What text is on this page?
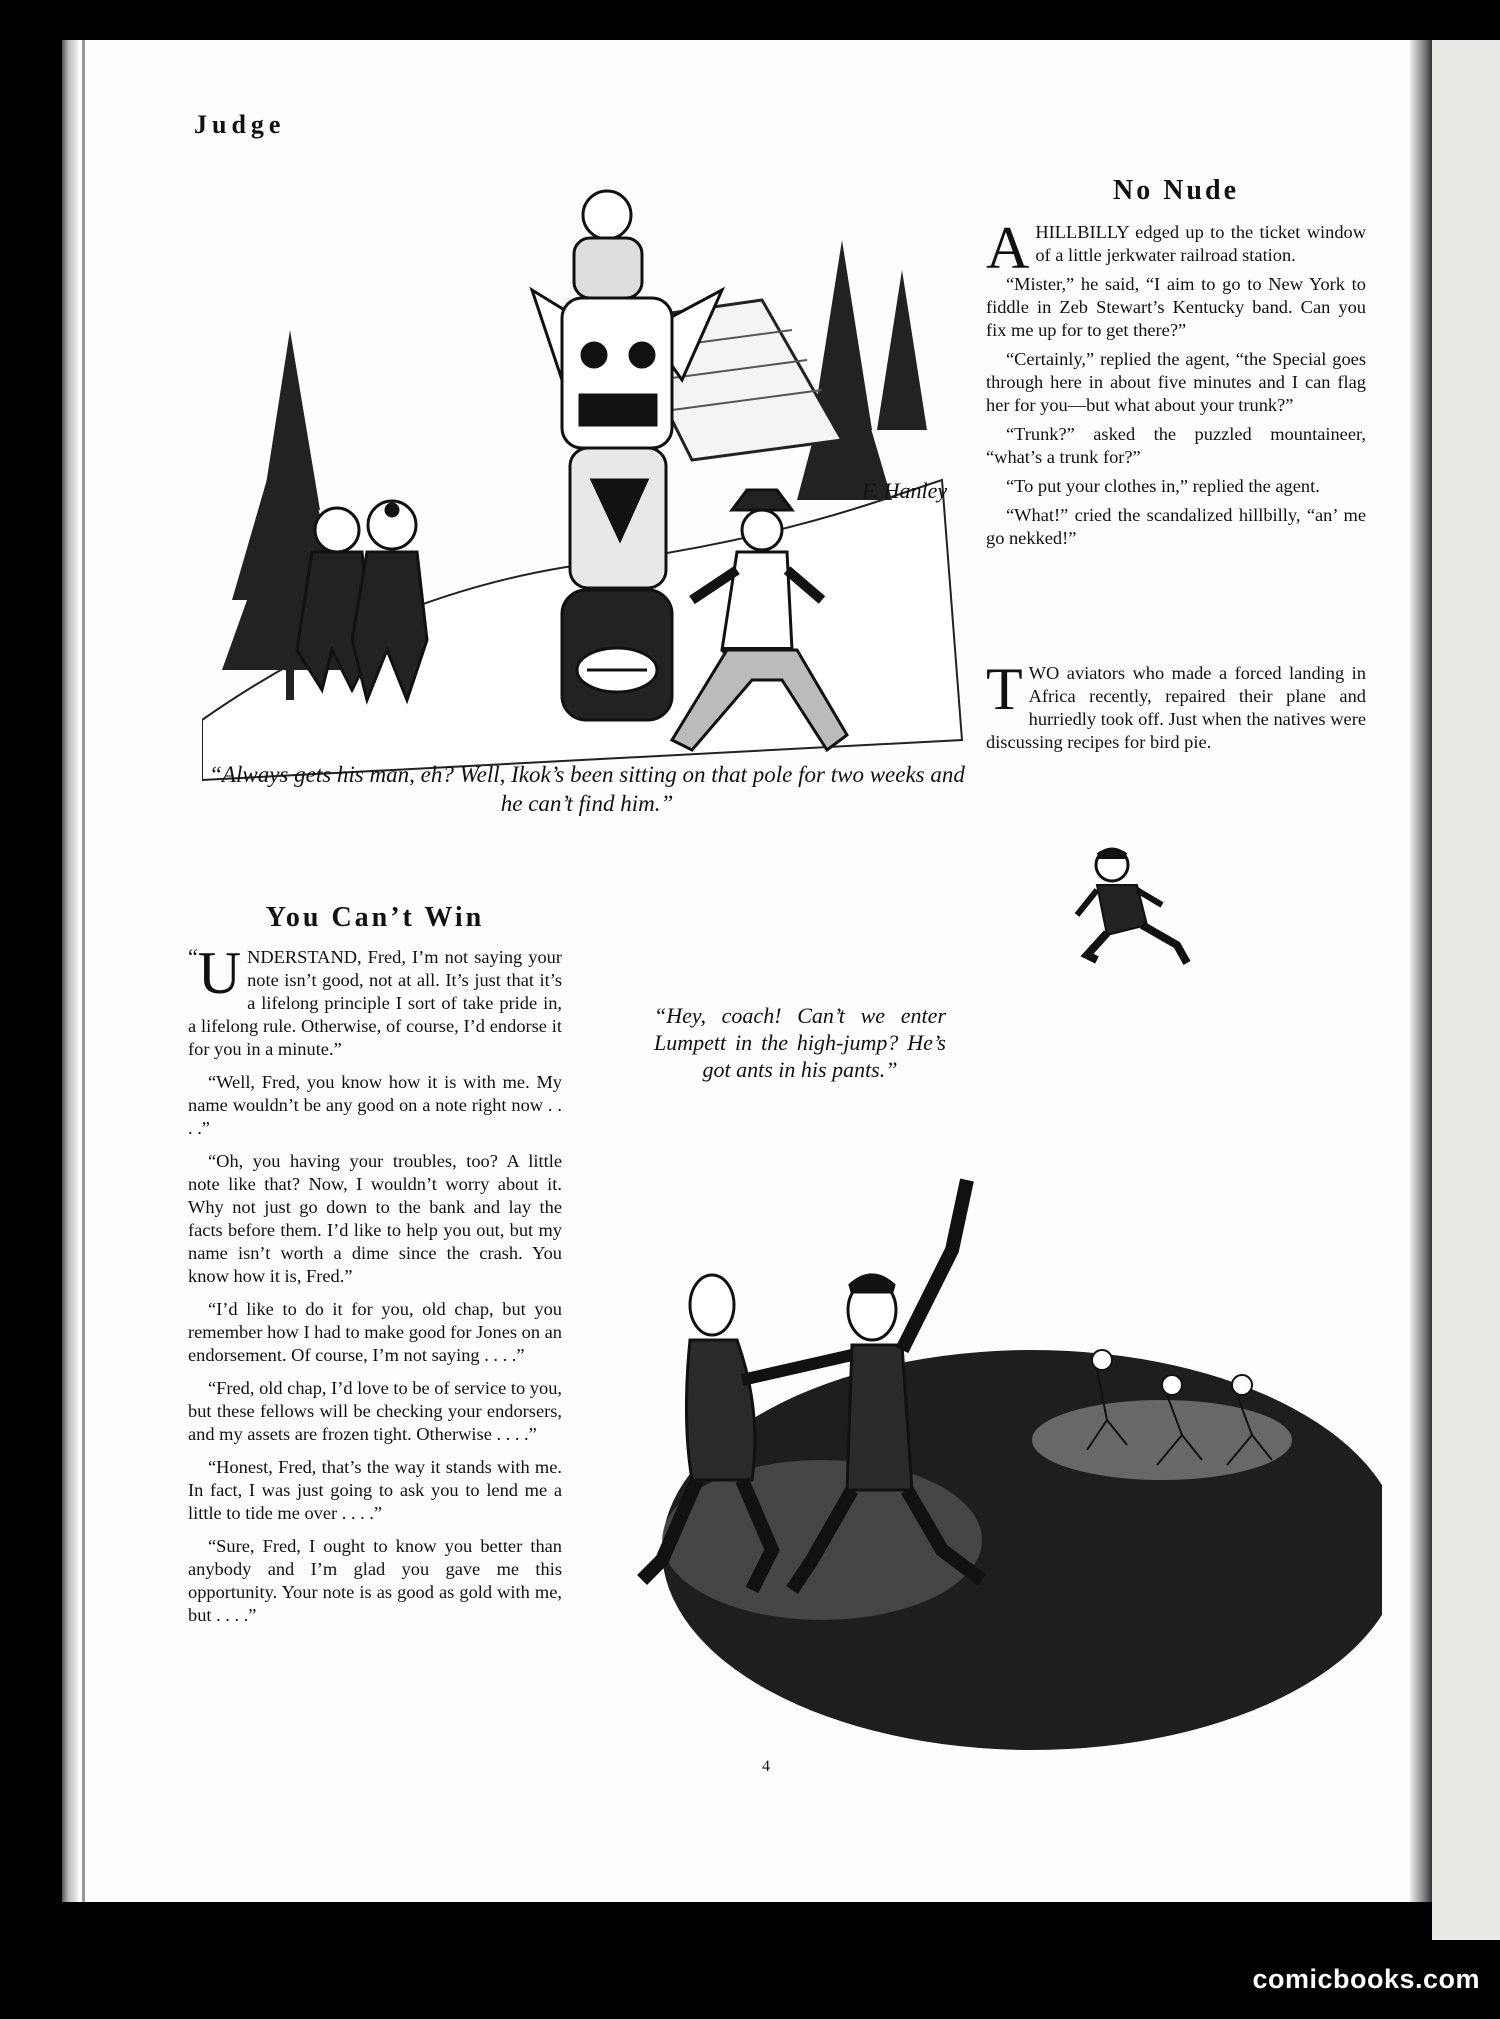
Judge
F. Hanley
“Always gets his man, eh? Well, Ikok’s been sitting on that pole for two weeks and he can’t find him.”
No Nude

AHILLBILLY edged up to the ticket window of a little jerkwater railroad station.

“Mister,” he said, “I aim to go to New York to fiddle in Zeb Stewart’s Kentucky band. Can you fix me up for to get there?”

“Certainly,” replied the agent, “the Special goes through here in about five minutes and I can flag her for you—but what about your trunk?”

“Trunk?” asked the puzzled mountaineer, “what’s a trunk for?”

“To put your clothes in,” replied the agent.

“What!” cried the scandalized hillbilly, “an’ me go nekked!”

TWO aviators who made a forced landing in Africa recently, repaired their plane and hurriedly took off. Just when the natives were discussing recipes for bird pie.

You Can’t Win

“ U NDERSTAND, Fred, I’m not saying your note isn’t good, not at all. It’s just that it’s a lifelong principle I sort of take pride in, a lifelong rule. Otherwise, of course, I’d endorse it for you in a minute.”

“Well, Fred, you know how it is with me. My name wouldn’t be any good on a note right now . . . .”

“Oh, you having your troubles, too? A little note like that? Now, I wouldn’t worry about it. Why not just go down to the bank and lay the facts before them. I’d like to help you out, but my name isn’t worth a dime since the crash. You know how it is, Fred.”

“I’d like to do it for you, old chap, but you remember how I had to make good for Jones on an endorsement. Of course, I’m not saying . . . .”

“Fred, old chap, I’d love to be of service to you, but these fellows will be checking your endorsers, and my assets are frozen tight. Otherwise . . . .”

“Honest, Fred, that’s the way it stands with me. In fact, I was just going to ask you to lend me a little to tide me over . . . .”

“Sure, Fred, I ought to know you better than anybody and I’m glad you gave me this opportunity. Your note is as good as gold with me, but . . . .”

“Hey, coach! Can’t we enter Lumpett in the high-jump? He’s got ants in his pants.”
4
comicbooks.com
